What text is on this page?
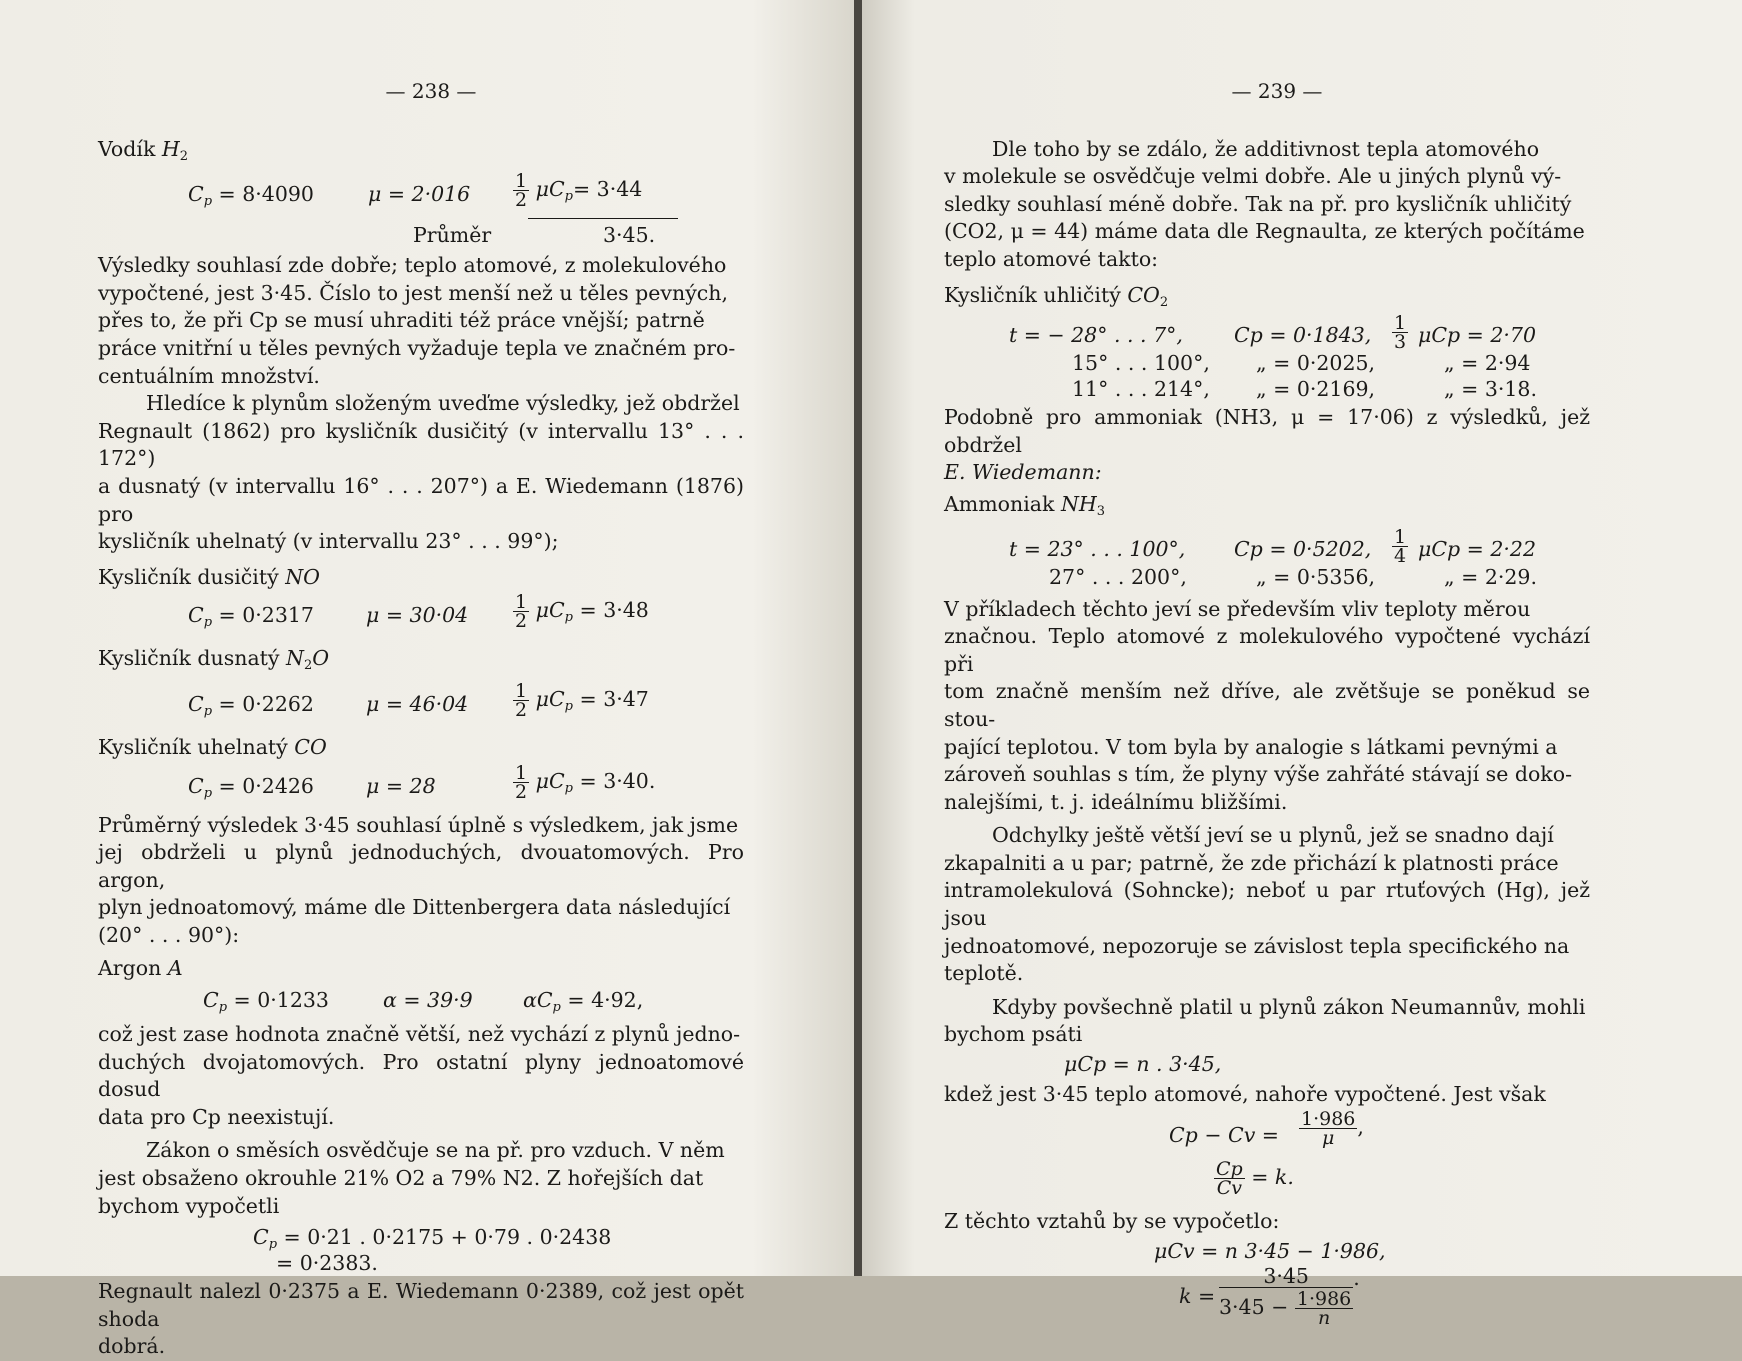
— 238 —
Vodík $H_2$
$C_p = 8\cdot 4090$	$\mu = 2\cdot 016 \frac{1}{2} \mu C_p= 3\cdot 44$
Průměr	3·45.

Výsledky souhlasí zde dobře; teplo atomové, z molekulového
vypočtené, jest 3·45. Číslo to jest menší než u těles pevných,
přes to, že při Cp se musí uhraditi též práce vnější; patrně
práce vnitřní u těles pevných vyžaduje tepla ve značném pro-
centuálním množství.

Hledíce k plynům složeným uveďme výsledky, jež obdržel
Regnault (1862) pro kysličník dusičitý (v intervallu 13° . . . 172°)
a dusnatý (v intervallu 16° . . . 207°) a E. Wiedemann (1876) pro
kysličník uhelnatý (v intervallu 23° . . . 99°);

Kysličník dusičitý NO
$C_p = 0\cdot 2317$	$\mu = 30\cdot 04 \frac{1}{2} \mu C_p = 3\cdot 48$
Kysličník dusnatý $N_2O$
$C_p = 0\cdot 2262$	$\mu = 46\cdot 04 \frac{1}{2} \mu C_p = 3\cdot 47$
Kysličník uhelnatý CO
$C_p = 0\cdot 2426$	μ = 28	$\frac{1}{2} \mu C_p = 3\cdot 40$.

Průměrný výsledek 3·45 souhlasí úplně s výsledkem, jak jsme
jej obdrželi u plynů jednoduchých, dvouatomových. Pro argon,
plyn jednoatomový, máme dle Dittenbergera data následující
(20° . . . 90°):

Argon A
$C_p = 0\cdot 1233$	α = 39·9 $\alpha C_p = 4\cdot 92$,

což jest zase hodnota značně větší, než vychází z plynů jedno-
duchých dvojatomových. Pro ostatní plyny jednoatomové dosud
data pro Cp neexistují.

Zákon o směsích osvědčuje se na př. pro vzduch. V něm
jest obsaženo okrouhle 21% O2 a 79% N2. Z hořejších dat
bychom vypočetli

$C_p = 0\cdot 21$ . 0·2175 + 0·79 . 0·2438
= 0·2383.

Regnault nalezl 0·2375 a E. Wiedemann 0·2389, což jest opět shoda
dobrá.

— 239 —

Dle toho by se zdálo, že additivnost tepla atomového
v molekule se osvědčuje velmi dobře. Ale u jiných plynů vý-
sledky souhlasí méně dobře. Tak na př. pro kysličník uhličitý
(CO2, μ = 44) máme data dle Regnaulta, ze kterých počítáme
teplo atomové takto:

Kysličník uhličitý $CO_2$
t = − 28° . . . 7°, Cp = 0·1843, $\frac{1}{3}$ μCp = 2·70
15° . . . 100°, „ = 0·2025,	„ = 2·94
11° . . . 214°, „ = 0·2169,	„ = 3·18.

Podobně pro ammoniak (NH3, μ = 17·06) z výsledků, jež obdržel
E. Wiedemann:

Ammoniak $NH_3$
t = 23° . . . 100°, Cp = 0·5202, $\frac{1}{4}$ μCp = 2·22
27° . . . 200°,	„ = 0·5356,	„ = 2·29.

V příkladech těchto jeví se především vliv teploty měrou
značnou. Teplo atomové z molekulového vypočtené vychází při
tom značně menším než dříve, ale zvětšuje se poněkud se stou-
pající teplotou. V tom byla by analogie s látkami pevnými a
zároveň souhlas s tím, že plyny výše zahřáté stávají se doko-
nalejšími, t. j. ideálnímu bližšími.

Odchylky ještě větší jeví se u plynů, jež se snadno dají
zkapalniti a u par; patrně, že zde přichází k platnosti práce
intramolekulová (Sohncke); neboť u par rtuťových (Hg), jež jsou
jednoatomové, nepozoruje se závislost tepla specifického na
teplotě.

Kdyby povšechně platil u plynů zákon Neumannův, mohli
bychom psáti

μCp = n . 3·45,

kdež jest 3·45 teplo atomové, nahoře vypočtené. Jest však

$Cp - Cv = \frac{1\cdot 986}{\mu}$ ,
$\frac{Cp}{Cv} = k$.

Z těchto vztahů by se vypočetlo:

μCv = n 3·45 − 1·986,
$k = \frac{3\cdot 45}{3\cdot 45 - \frac{1\cdot 986}{n}}$ .
